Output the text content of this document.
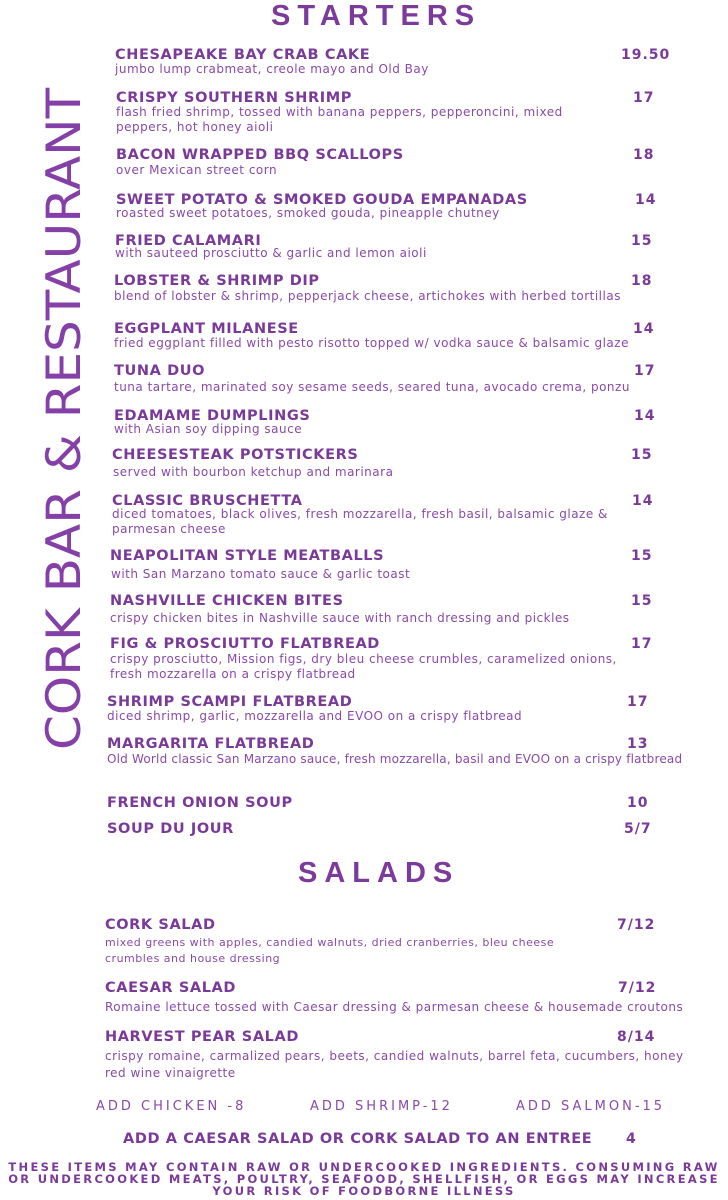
CORK BAR & RESTAURANT
STARTERS
CHESAPEAKE BAY CRAB CAKE
jumbo lump crabmeat, creole mayo and Old Bay
19.50
CRISPY SOUTHERN SHRIMP
flash fried shrimp, tossed with banana peppers, pepperoncini, mixed peppers, hot honey aioli
17
BACON WRAPPED BBQ SCALLOPS
over Mexican street corn
18
SWEET POTATO & SMOKED GOUDA EMPANADAS
roasted sweet potatoes, smoked gouda, pineapple chutney
14
FRIED CALAMARI
with sauteed prosciutto & garlic and lemon aioli
15
LOBSTER & SHRIMP DIP
blend of lobster & shrimp, pepperjack cheese, artichokes with herbed tortillas
18
EGGPLANT MILANESE
fried eggplant filled with pesto risotto topped w/ vodka sauce & balsamic glaze
14
TUNA DUO
tuna tartare, marinated soy sesame seeds, seared tuna, avocado crema, ponzu
17
EDAMAME DUMPLINGS
with Asian soy dipping sauce
14
CHEESESTEAK POTSTICKERS
served with bourbon ketchup and marinara
15
CLASSIC BRUSCHETTA
diced tomatoes, black olives, fresh mozzarella, fresh basil, balsamic glaze & parmesan cheese
14
NEAPOLITAN STYLE MEATBALLS
with San Marzano tomato sauce & garlic toast
15
NASHVILLE CHICKEN BITES
crispy chicken bites in Nashville sauce with ranch dressing and pickles
15
FIG & PROSCIUTTO FLATBREAD
crispy prosciutto, Mission figs, dry bleu cheese crumbles, caramelized onions, fresh mozzarella on a crispy flatbread
17
SHRIMP SCAMPI FLATBREAD
diced shrimp, garlic, mozzarella and EVOO on a crispy flatbread
17
MARGARITA FLATBREAD
Old World classic San Marzano sauce, fresh mozzarella, basil and EVOO on a crispy flatbread
13
FRENCH ONION SOUP	10
SOUP DU JOUR	5/7
SALADS
CORK SALAD
mixed greens with apples, candied walnuts, dried cranberries, bleu cheese crumbles and house dressing
7/12
CAESAR SALAD
Romaine lettuce tossed with Caesar dressing & parmesan cheese & housemade croutons
7/12
HARVEST PEAR SALAD
crispy romaine, carmalized pears, beets, candied walnuts, barrel feta, cucumbers, honey red wine vinaigrette
8/14
ADD CHICKEN -8	ADD SHRIMP-12	ADD SALMON-15
ADD A CAESAR SALAD OR CORK SALAD TO AN ENTREE 4
THESE ITEMS MAY CONTAIN RAW OR UNDERCOOKED INGREDIENTS. CONSUMING RAW OR UNDERCOOKED MEATS, POULTRY, SEAFOOD, SHELLFISH, OR EGGS MAY INCREASE YOUR RISK OF FOODBORNE ILLNESS
